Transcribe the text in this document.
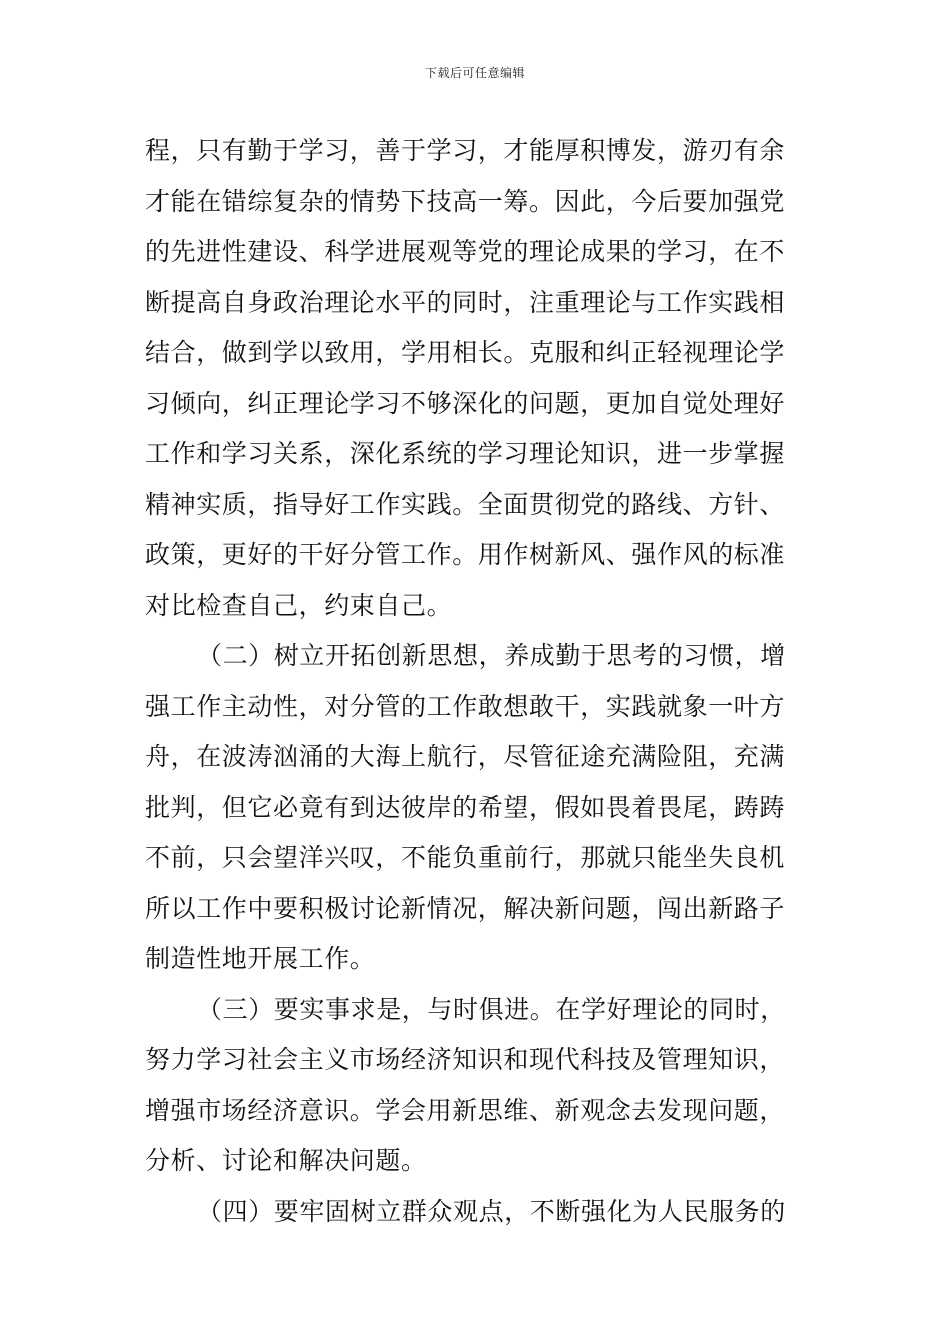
下载后可任意编辑
程，只有勤于学习，善于学习，才能厚积博发，游刃有余
才能在错综复杂的情势下技高一筹。因此，今后要加强党
的先进性建设、科学进展观等党的理论成果的学习，在不
断提高自身政治理论水平的同时，注重理论与工作实践相
结合，做到学以致用，学用相长。克服和纠正轻视理论学
习倾向，纠正理论学习不够深化的问题，更加自觉处理好
工作和学习关系，深化系统的学习理论知识，进一步掌握
精神实质，指导好工作实践。全面贯彻党的路线、方针、
政策，更好的干好分管工作。用作树新风、强作风的标准
对比检查自己，约束自己。
（二）树立开拓创新思想，养成勤于思考的习惯，增
强工作主动性，对分管的工作敢想敢干，实践就象一叶方
舟，在波涛汹涌的大海上航行，尽管征途充满险阻，充满
批判，但它必竟有到达彼岸的希望，假如畏着畏尾，踌踌
不前，只会望洋兴叹，不能负重前行，那就只能坐失良机
所以工作中要积极讨论新情况，解决新问题，闯出新路子
制造性地开展工作。
（三）要实事求是，与时俱进。在学好理论的同时，
努力学习社会主义市场经济知识和现代科技及管理知识，
增强市场经济意识。学会用新思维、新观念去发现问题，
分析、讨论和解决问题。
（四）要牢固树立群众观点，不断强化为人民服务的
